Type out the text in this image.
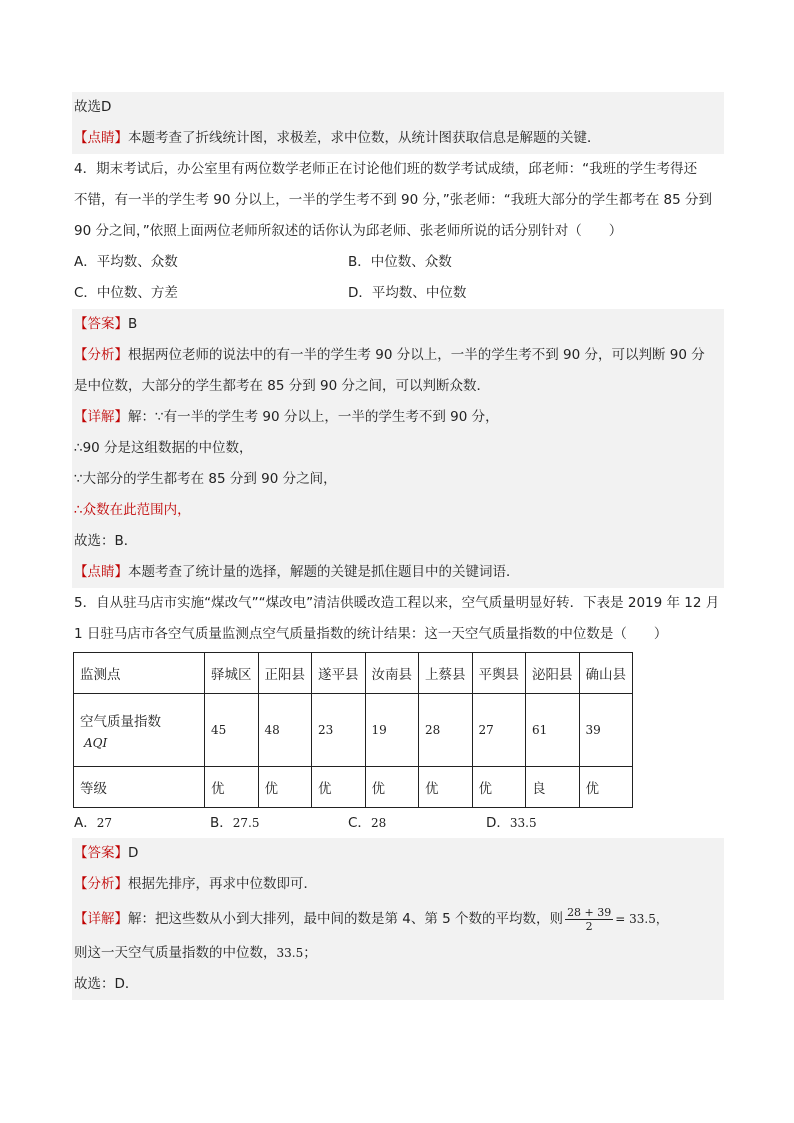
故选D
【点睛】本题考查了折线统计图，求极差，求中位数，从统计图获取信息是解题的关键．
4．期末考试后，办公室里有两位数学老师正在讨论他们班的数学考试成绩，邱老师：“我班的学生考得还
不错，有一半的学生考 90 分以上，一半的学生考不到 90 分，”张老师：“我班大部分的学生都考在 85 分到
90 分之间，”依照上面两位老师所叙述的话你认为邱老师、张老师所说的话分别针对（　　）
A．平均数、众数	B．中位数、众数
C．中位数、方差	D．平均数、中位数
【答案】B
【分析】根据两位老师的说法中的有一半的学生考 90 分以上，一半的学生考不到 90 分，可以判断 90 分
是中位数，大部分的学生都考在 85 分到 90 分之间，可以判断众数．
【详解】解：∵有一半的学生考 90 分以上，一半的学生考不到 90 分，
∴90 分是这组数据的中位数，
∵大部分的学生都考在 85 分到 90 分之间，
∴众数在此范围内，
故选：B．
【点睛】本题考查了统计量的选择，解题的关键是抓住题目中的关键词语．
5．自从驻马店市实施“煤改气”“煤改电”清洁供暖改造工程以来，空气质量明显好转．下表是 2019 年 12 月
1 日驻马店市各空气质量监测点空气质量指数的统计结果：这一天空气质量指数的中位数是（　　）
监测点	驿城区	正阳县	遂平县	汝南县	上蔡县	平舆县	泌阳县	确山县
空气质量指数
AQI	45	48	23	19	28	27	61	39
等级	优	优	优	优	优	优	良	优
A．27	B．27.5	C．28	D．33.5
【答案】D
【分析】根据先排序，再求中位数即可．
【详解】解：把这些数从小到大排列，最中间的数是第 4、第 5 个数的平均数，则 $\frac{28 + 39}{2} = 33.5$，
则这一天空气质量指数的中位数，33.5；
故选：D．
